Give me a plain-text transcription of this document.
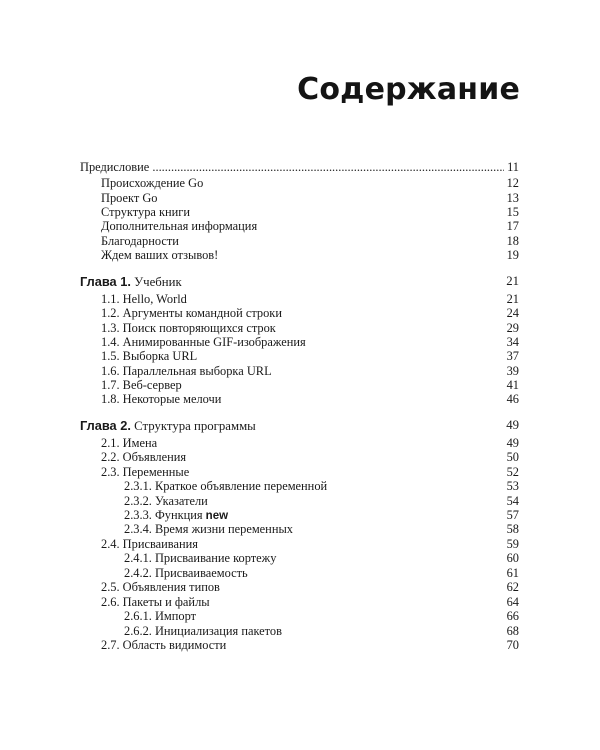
Содержание
Предисловие .....	11
Происхождение Go	12
Проект Go	13
Структура книги	15
Дополнительная информация	17
Благодарности	18
Ждем ваших отзывов!	19
Глава 1. Учебник	21
1.1. Hello, World	21
1.2. Аргументы командной строки	24
1.3. Поиск повторяющихся строк	29
1.4. Анимированные GIF-изображения	34
1.5. Выборка URL	37
1.6. Параллельная выборка URL	39
1.7. Веб-сервер	41
1.8. Некоторые мелочи	46
Глава 2. Структура программы	49
2.1. Имена	49
2.2. Объявления	50
2.3. Переменные	52
2.3.1. Краткое объявление переменной	53
2.3.2. Указатели	54
2.3.3. Функция new	57
2.3.4. Время жизни переменных	58
2.4. Присваивания	59
2.4.1. Присваивание кортежу	60
2.4.2. Присваиваемость	61
2.5. Объявления типов	62
2.6. Пакеты и файлы	64
2.6.1. Импорт	66
2.6.2. Инициализация пакетов	68
2.7. Область видимости	70
